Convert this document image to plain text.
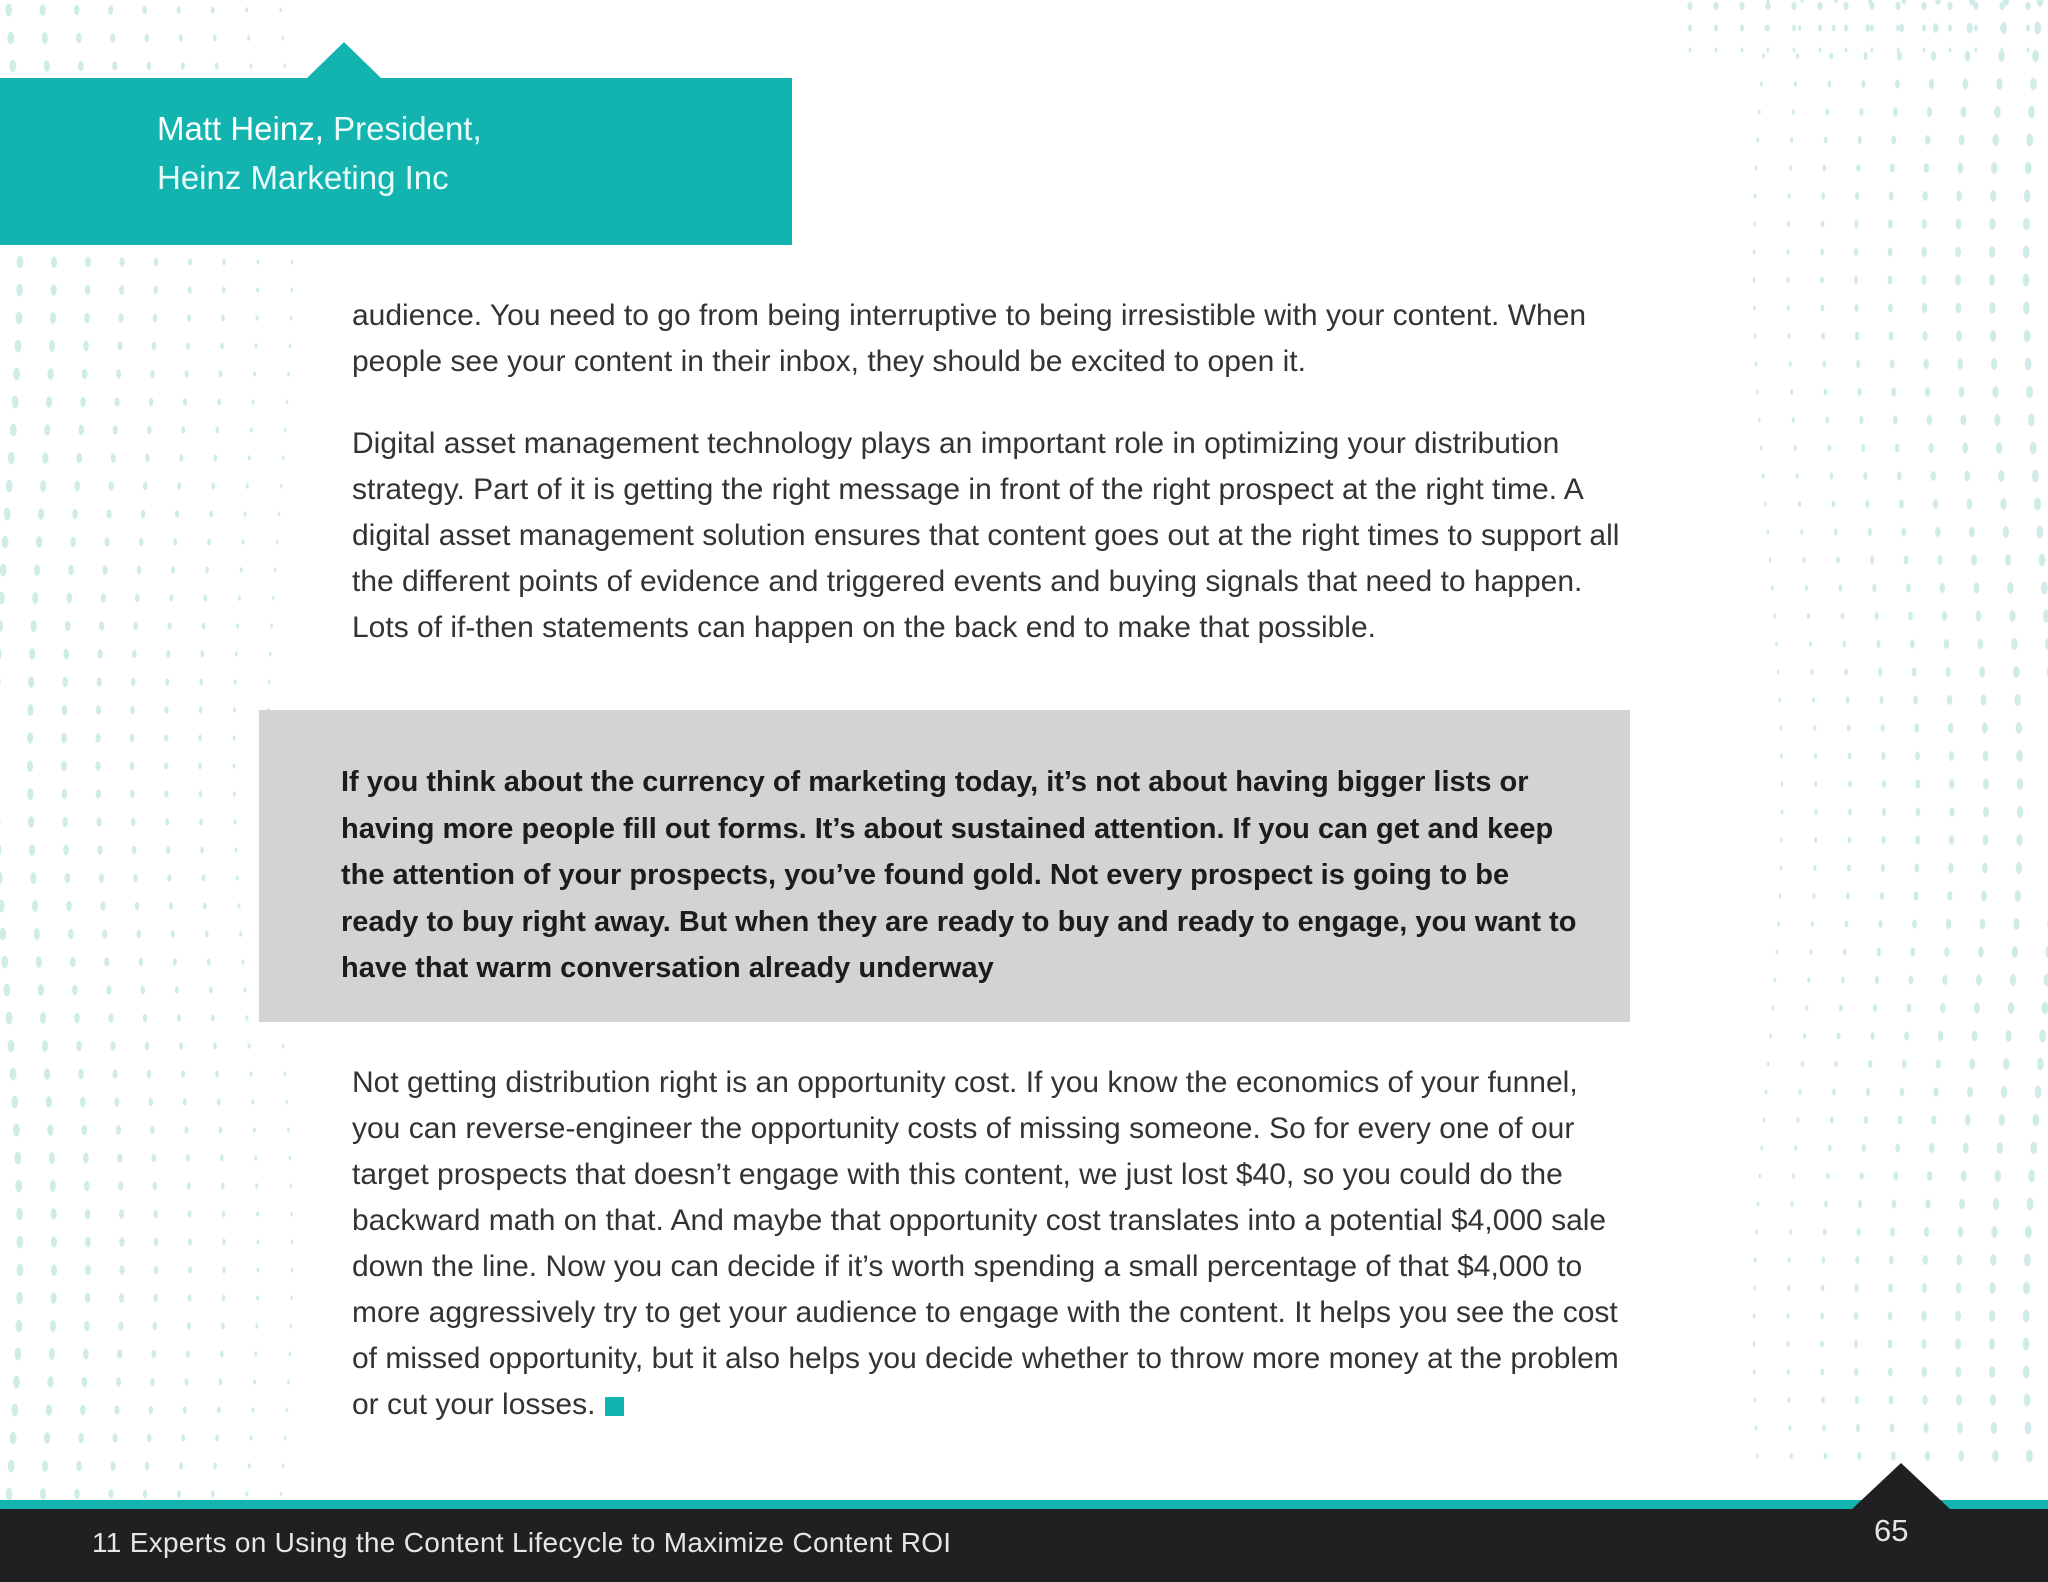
Matt Heinz, President,
Heinz Marketing Inc

audience. You need to go from being interruptive to being irresistible with your content. When people see your content in their inbox, they should be excited to open it.

Digital asset management technology plays an important role in optimizing your distribution strategy. Part of it is getting the right message in front of the right prospect at the right time. A digital asset management solution ensures that content goes out at the right times to support all the different points of evidence and triggered events and buying signals that need to happen. Lots of if-then statements can happen on the back end to make that possible.

If you think about the currency of marketing today, it’s not about having bigger lists or having more people fill out forms. It’s about sustained attention. If you can get and keep the attention of your prospects, you’ve found gold. Not every prospect is going to be ready to buy right away. But when they are ready to buy and ready to engage, you want to have that warm conversation already underway

Not getting distribution right is an opportunity cost. If you know the economics of your funnel, you can reverse-engineer the opportunity costs of missing someone. So for every one of our target prospects that doesn’t engage with this content, we just lost $40, so you could do the backward math on that. And maybe that opportunity cost translates into a potential $4,000 sale down the line. Now you can decide if it’s worth spending a small percentage of that $4,000 to more aggressively try to get your audience to engage with the content. It helps you see the cost of missed opportunity, but it also helps you decide whether to throw more money at the problem or cut your losses.

11 Experts on Using the Content Lifecycle to Maximize Content ROI	65
